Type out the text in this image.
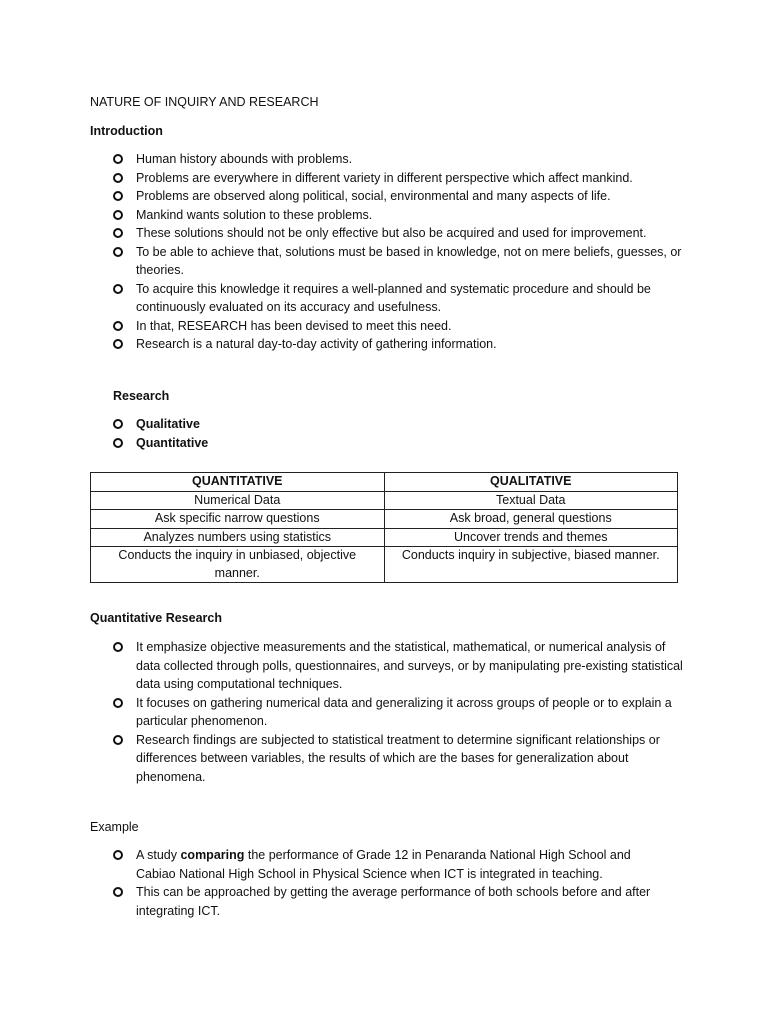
NATURE OF INQUIRY AND RESEARCH
Introduction
Human history abounds with problems.
Problems are everywhere in different variety in different perspective which affect mankind.
Problems are observed along political, social, environmental and many aspects of life.
Mankind wants solution to these problems.
These solutions should not be only effective but also be acquired and used for improvement.
To be able to achieve that, solutions must be based in knowledge, not on mere beliefs, guesses, or theories.
To acquire this knowledge it requires a well-planned and systematic procedure and should be continuously evaluated on its accuracy and usefulness.
In that, RESEARCH has been devised to meet this need.
Research is a natural day-to-day activity of gathering information.
Research
Qualitative
Quantitative
QUANTITATIVE	QUALITATIVE
Numerical Data	Textual Data
Ask specific narrow questions	Ask broad, general questions
Analyzes numbers using statistics	Uncover trends and themes
Conducts the inquiry in unbiased, objective manner.	Conducts inquiry in subjective, biased manner.
Quantitative Research
It emphasize objective measurements and the statistical, mathematical, or numerical analysis of data collected through polls, questionnaires, and surveys, or by manipulating pre-existing statistical data using computational techniques.
It focuses on gathering numerical data and generalizing it across groups of people or to explain a particular phenomenon.
Research findings are subjected to statistical treatment to determine significant relationships or differences between variables, the results of which are the bases for generalization about phenomena.
Example
A study comparing the performance of Grade 12 in Penaranda National High School and Cabiao National High School in Physical Science when ICT is integrated in teaching.
This can be approached by getting the average performance of both schools before and after integrating ICT.
